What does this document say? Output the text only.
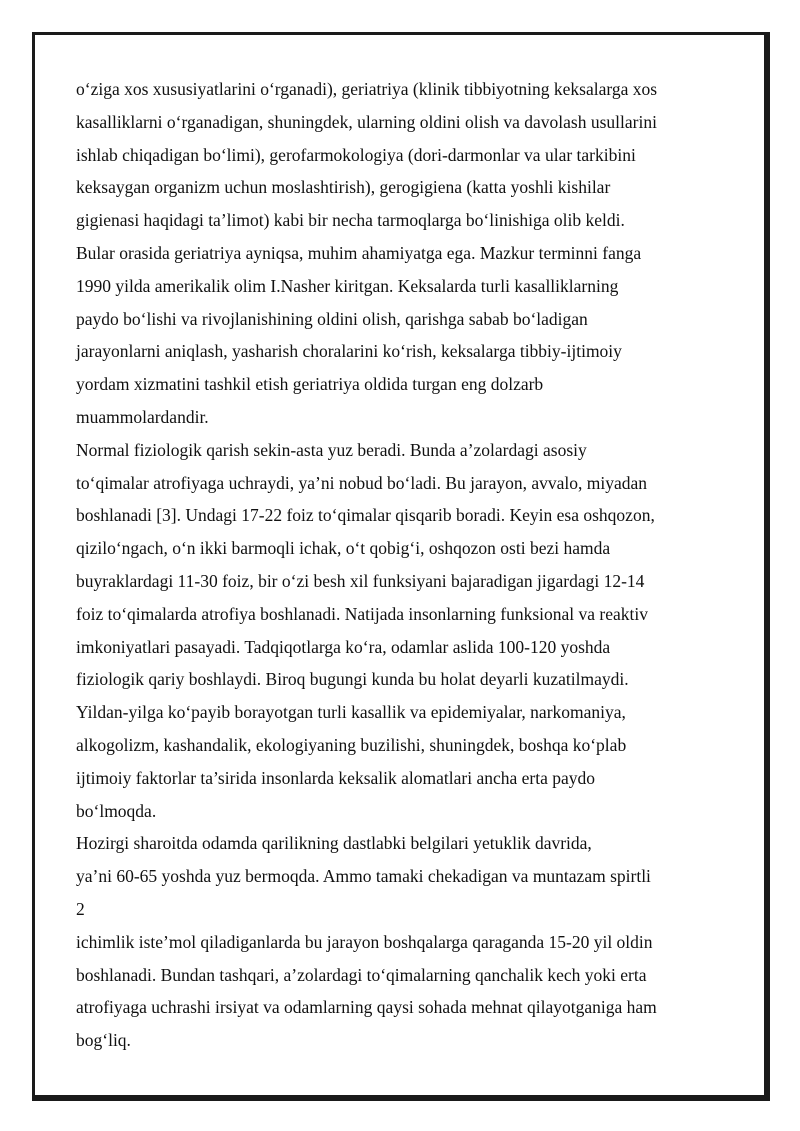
o‘ziga xos xususiyatlarini o‘rganadi), geriatriya (klinik tibbiyotning keksalarga xos
kasalliklarni o‘rganadigan, shuningdek, ularning oldini olish va davolash usullarini
ishlab chiqadigan bo‘limi), gerofarmokologiya (dori-darmonlar va ular tarkibini
keksaygan organizm uchun moslashtirish), gerogigiena (katta yoshli kishilar
gigienasi haqidagi ta’limot) kabi bir necha tarmoqlarga bo‘linishiga olib keldi.
Bular orasida geriatriya ayniqsa, muhim ahamiyatga ega. Mazkur terminni fanga
1990 yilda amerikalik olim I.Nasher kiritgan. Keksalarda turli kasalliklarning
paydo bo‘lishi va rivojlanishining oldini olish, qarishga sabab bo‘ladigan
jarayonlarni aniqlash, yasharish choralarini ko‘rish, keksalarga tibbiy-ijtimoiy
yordam xizmatini tashkil etish geriatriya oldida turgan eng dolzarb
muammolardandir.
Normal fiziologik qarish sekin-asta yuz beradi. Bunda a’zolardagi asosiy
to‘qimalar atrofiyaga uchraydi, ya’ni nobud bo‘ladi. Bu jarayon, avvalo, miyadan
boshlanadi [3]. Undagi 17-22 foiz to‘qimalar qisqarib boradi. Keyin esa oshqozon,
qizilo‘ngach, o‘n ikki barmoqli ichak, o‘t qobig‘i, oshqozon osti bezi hamda
buyraklardagi 11-30 foiz, bir o‘zi besh xil funksiyani bajaradigan jigardagi 12-14
foiz to‘qimalarda atrofiya boshlanadi. Natijada insonlarning funksional va reaktiv
imkoniyatlari pasayadi. Tadqiqotlarga ko‘ra, odamlar aslida 100-120 yoshda
fiziologik qariy boshlaydi. Biroq bugungi kunda bu holat deyarli kuzatilmaydi.
Yildan-yilga ko‘payib borayotgan turli kasallik va epidemiyalar, narkomaniya,
alkogolizm, kashandalik, ekologiyaning buzilishi, shuningdek, boshqa ko‘plab
ijtimoiy faktorlar ta’sirida insonlarda keksalik alomatlari ancha erta paydo
bo‘lmoqda.
Hozirgi sharoitda odamda qarilikning dastlabki belgilari yetuklik davrida,
ya’ni 60-65 yoshda yuz bermoqda. Ammo tamaki chekadigan va muntazam spirtli
2
ichimlik iste’mol qiladiganlarda bu jarayon boshqalarga qaraganda 15-20 yil oldin
boshlanadi. Bundan tashqari, a’zolardagi to‘qimalarning qanchalik kech yoki erta
atrofiyaga uchrashi irsiyat va odamlarning qaysi sohada mehnat qilayotganiga ham
bog‘liq.
